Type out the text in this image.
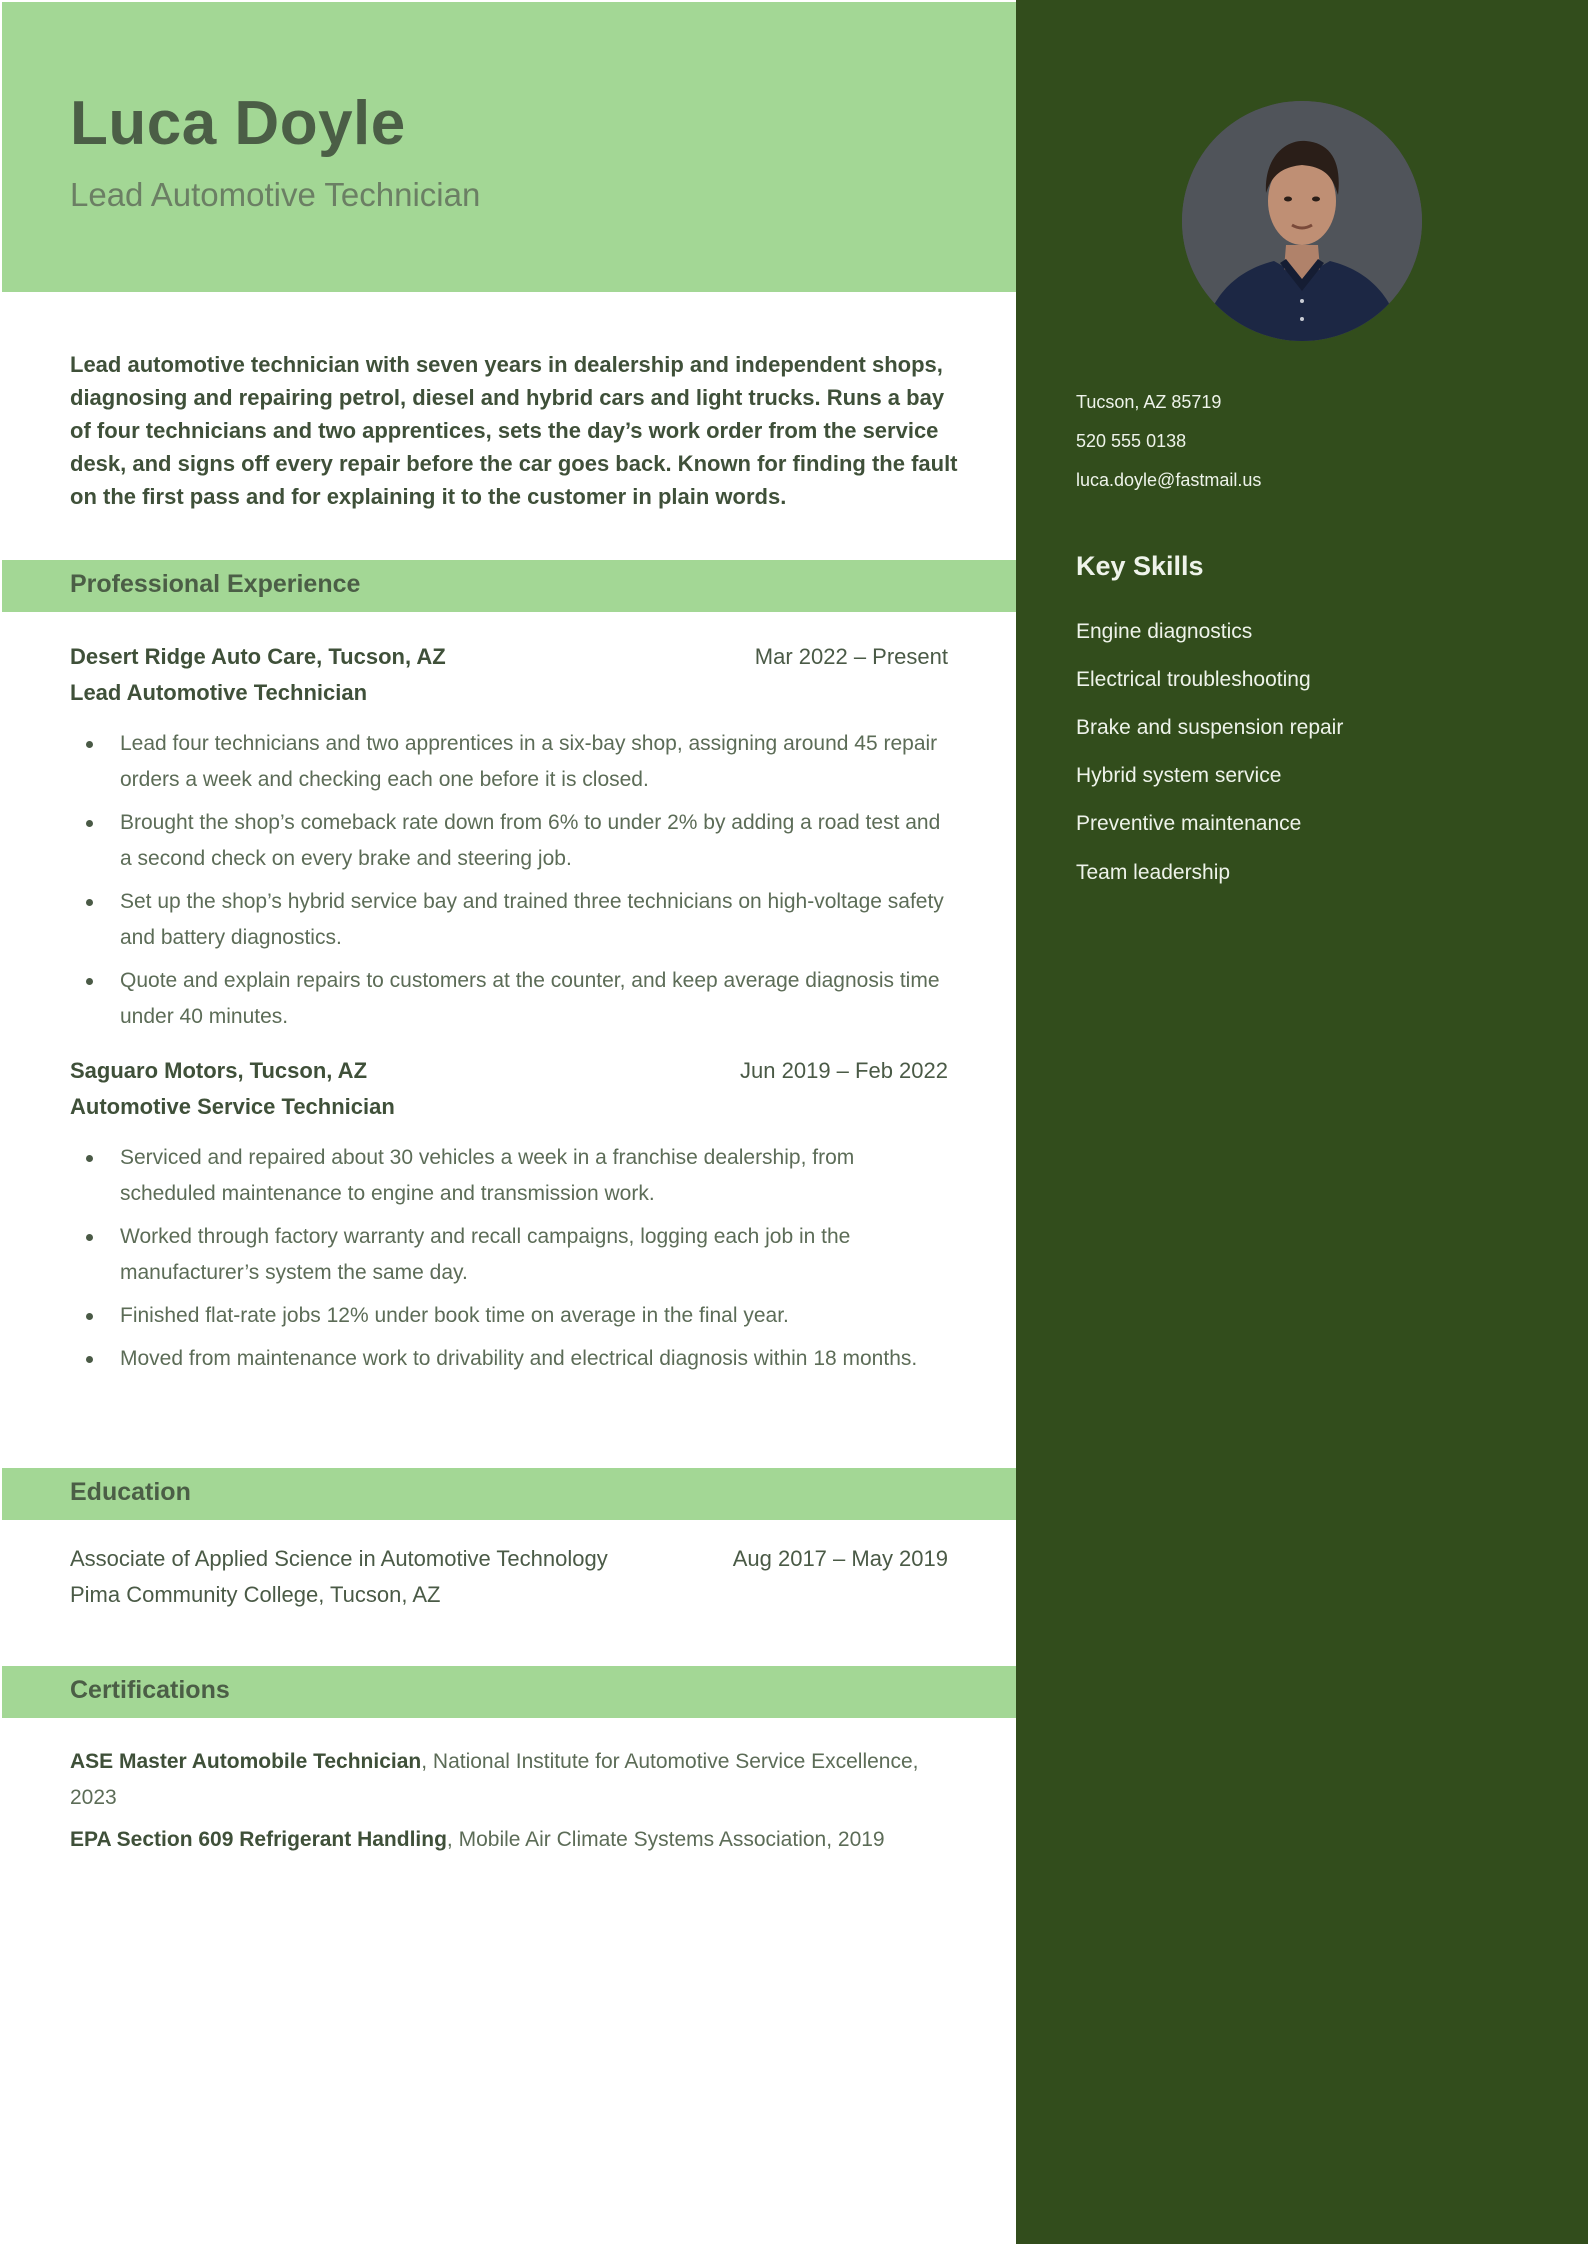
Luca Doyle
Lead Automotive Technician

Lead automotive technician with seven years in dealership and independent shops, diagnosing and repairing petrol, diesel and hybrid cars and light trucks. Runs a bay of four technicians and two apprentices, sets the day’s work order from the service desk, and signs off every repair before the car goes back. Known for finding the fault on the first pass and for explaining it to the customer in plain words.

Professional Experience
Desert Ridge Auto Care, Tucson, AZ	Mar 2022 – Present
Lead Automotive Technician
Lead four technicians and two apprentices in a six-bay shop, assigning around 45 repair orders a week and checking each one before it is closed.
Brought the shop’s comeback rate down from 6% to under 2% by adding a road test and a second check on every brake and steering job.
Set up the shop’s hybrid service bay and trained three technicians on high-voltage safety and battery diagnostics.
Quote and explain repairs to customers at the counter, and keep average diagnosis time under 40 minutes.
Saguaro Motors, Tucson, AZ	Jun 2019 – Feb 2022
Automotive Service Technician
Serviced and repaired about 30 vehicles a week in a franchise dealership, from scheduled maintenance to engine and transmission work.
Worked through factory warranty and recall campaigns, logging each job in the manufacturer’s system the same day.
Finished flat-rate jobs 12% under book time on average in the final year.
Moved from maintenance work to drivability and electrical diagnosis within 18 months.
Education
Associate of Applied Science in Automotive Technology	Aug 2017 – May 2019
Pima Community College, Tucson, AZ
Certifications
ASE Master Automobile Technician, National Institute for Automotive Service Excellence, 2023
EPA Section 609 Refrigerant Handling, Mobile Air Climate Systems Association, 2019
Tucson, AZ 85719
520 555 0138
luca.doyle@fastmail.us
Key Skills
Engine diagnostics
Electrical troubleshooting
Brake and suspension repair
Hybrid system service
Preventive maintenance
Team leadership
